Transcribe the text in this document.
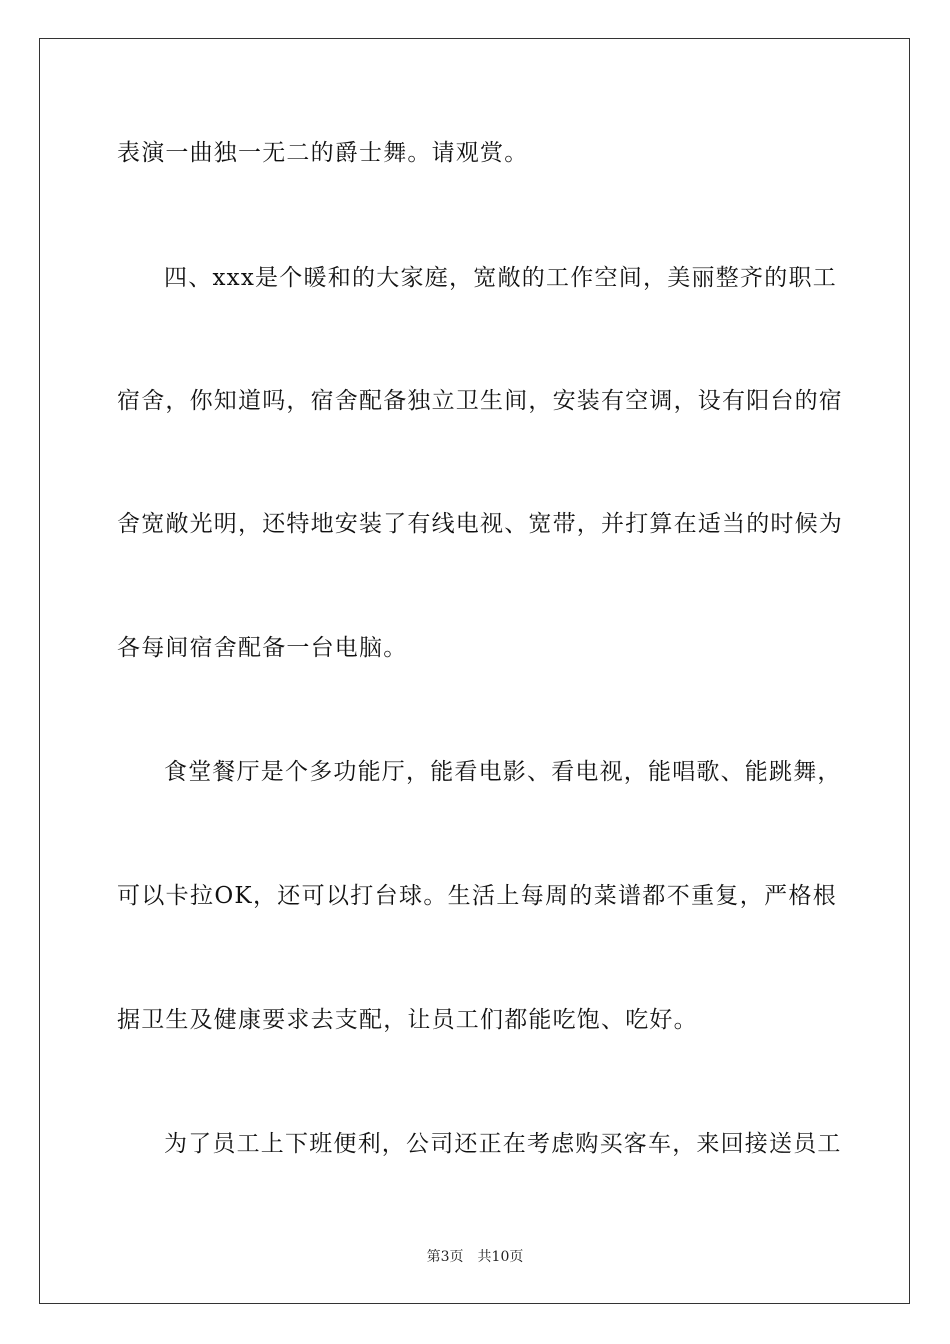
表演一曲独一无二的爵士舞。请观赏。
四、xxx是个暖和的大家庭，宽敞的工作空间，美丽整齐的职工
宿舍，你知道吗，宿舍配备独立卫生间，安装有空调，设有阳台的宿
舍宽敞光明，还特地安装了有线电视、宽带，并打算在适当的时候为
各每间宿舍配备一台电脑。
食堂餐厅是个多功能厅，能看电影、看电视，能唱歌、能跳舞，
可以卡拉OK，还可以打台球。生活上每周的菜谱都不重复，严格根
据卫生及健康要求去支配，让员工们都能吃饱、吃好。
为了员工上下班便利，公司还正在考虑购买客车，来回接送员工
第3页 共10页
